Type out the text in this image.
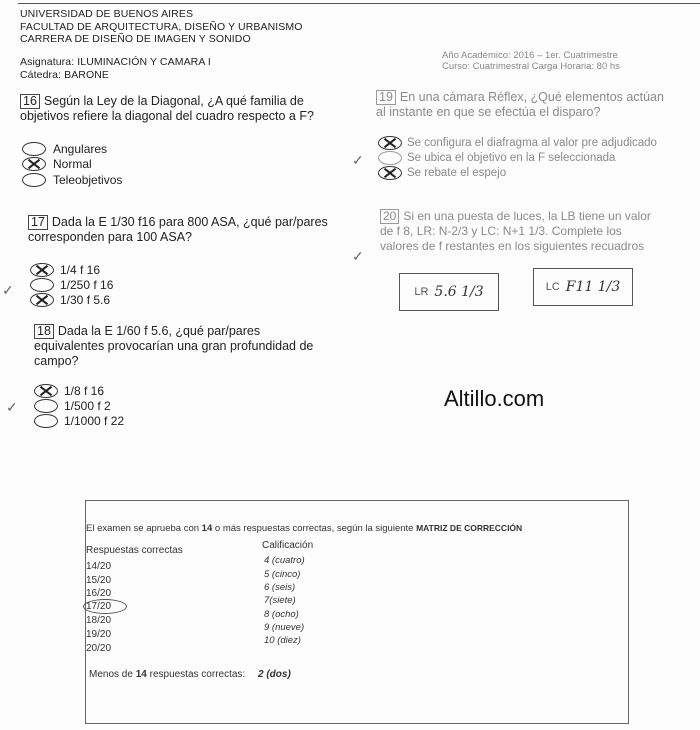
UNIVERSIDAD DE BUENOS AIRES
FACULTAD DE ARQUITECTURA, DISEÑO Y URBANISMO
CARRERA DE DISEÑO DE IMAGEN Y SONIDO
Asignatura: ILUMINACIÓN Y CAMARA I
Cátedra: BARONE
Año Académico: 2016 – 1er. Cuatrimestre
Curso: Cuatrimestral Carga Horaria: 80 hs
16 Según la Ley de la Diagonal, ¿A qué familia de
objetivos refiere la diagonal del cuadro respecto a F?
Angulares
Normal
Teleobjetivos
17 Dada la E 1/30 f16 para 800 ASA, ¿qué par/pares
corresponden para 100 ASA?
1/4 f 16
1/250 f 16
1/30 f 5.6
✓
18 Dada la E 1/60 f 5.6, ¿qué par/pares
equivalentes provocarían una gran profundidad de
campo?
1/8 f 16
1/500 f 2
1/1000 f 22
✓
19 En una cámara Réflex, ¿Qué elementos actúan
al instante en que se efectúa el disparo?
Se configura el diafragma al valor pre adjudicado
Se ubica el objetivo en la F seleccionada
Se rebate el espejo
✓
20 Si en una puesta de luces, la LB tiene un valor
de f 8, LR: N-2/3 y LC: N+1 1/3. Complete los
valores de f restantes en los siguientes recuadros
✓
LR 5.6 1/3	LC F11 1/3
Altillo.com
El examen se aprueba con 14 o más respuestas correctas, según la siguiente MATRIZ DE CORRECCIÓN
Respuestas correctas	Calificación
14/20
15/20
16/20
17/20
18/20
19/20
20/20
4 (cuatro)
5 (cinco)
6 (seis)
7(siete)
8 (ocho)
9 (nueve)
10 (diez)
Menos de 14 respuestas correctas: 2 (dos)
